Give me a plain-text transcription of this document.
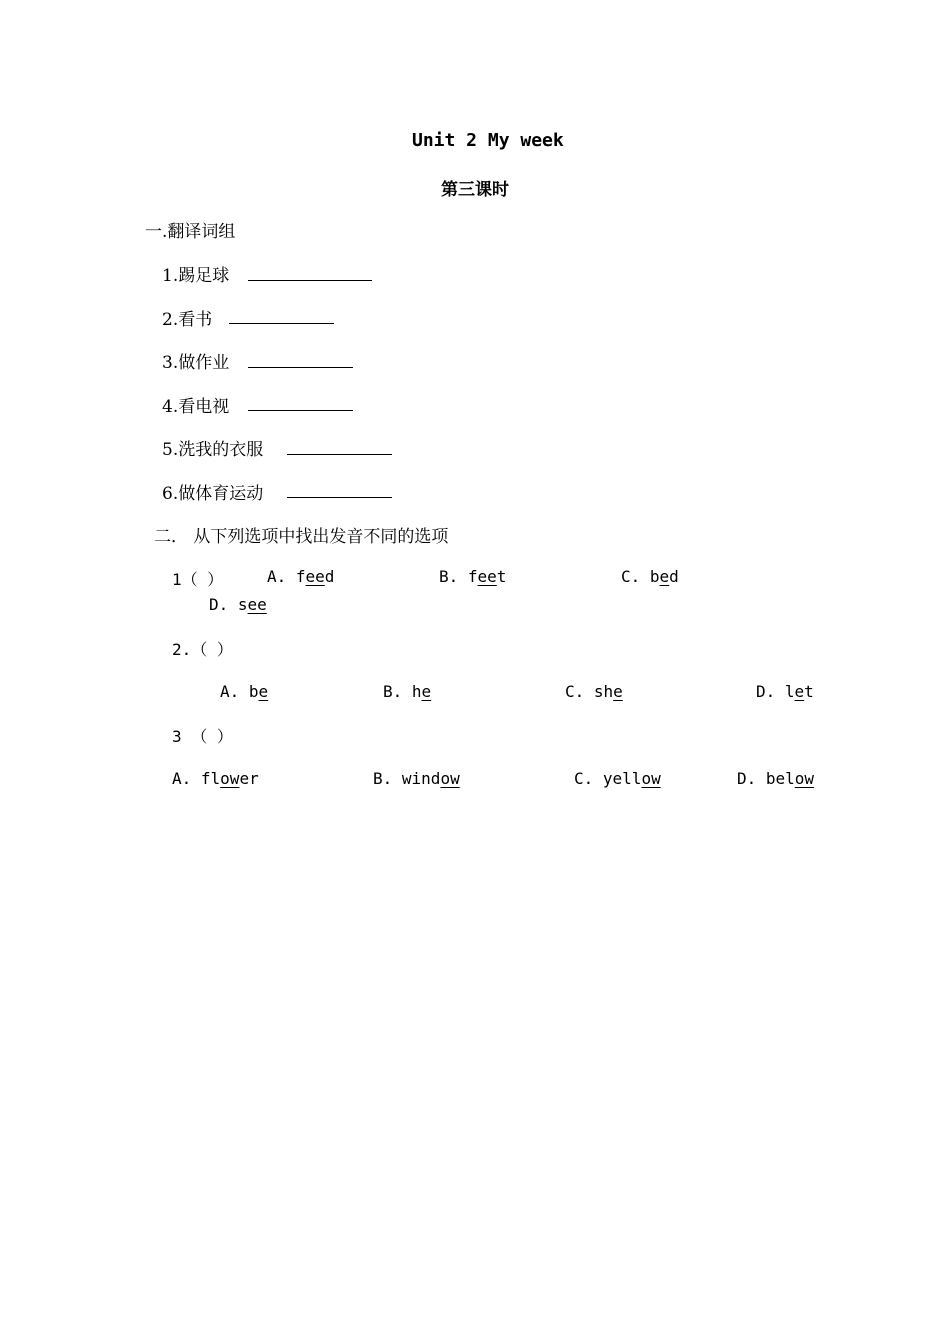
Unit 2 My week
第三课时
一.翻译词组
1.踢足球
2.看书
3.做作业
4.看电视
5.洗我的衣服
6.做体育运动
二． 从下列选项中找出发音不同的选项
1（ ）	A. feed	B. feet	C. bed
D. see
2.（ ）
A. be	B. he	C. she	D. let
3 （ ）
A. flower	B. window	C. yellow	D. below
